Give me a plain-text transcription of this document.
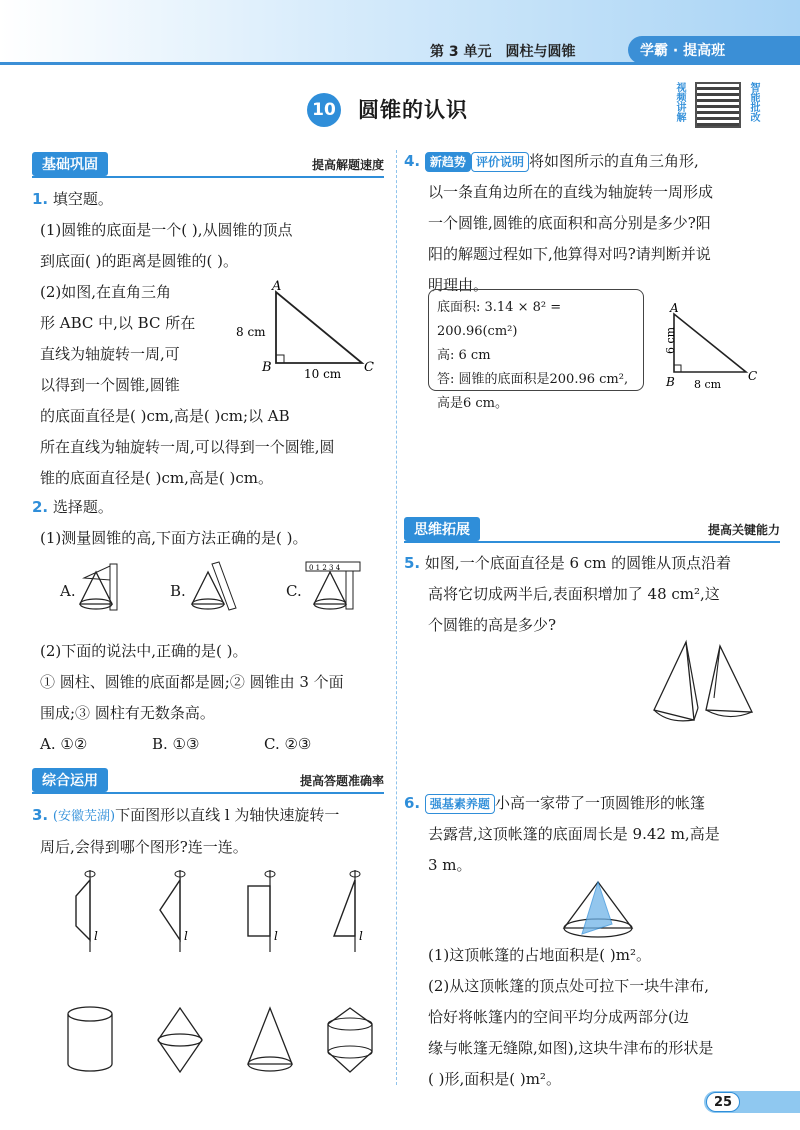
第 3 单元 圆柱与圆锥	学霸 · 提高班
10 圆锥的认识	视频讲解	智能批改
基础巩固	提高解题速度
1. 填空题。
(1)圆锥的底面是一个( ),从圆锥的顶点
到底面( )的距离是圆锥的( )。
(2)如图,在直角三角
形 ABC 中,以 BC 所在
直线为轴旋转一周,可
以得到一个圆锥,圆锥
的底面直径是( )cm,高是( )cm;以 AB
所在直线为轴旋转一周,可以得到一个圆锥,圆
锥的底面直径是( )cm,高是( )cm。
A
B	C
8 cm
10 cm
2. 选择题。
(1)测量圆锥的高,下面方法正确的是( )。
A.	B.	C.
0 1 2 3 4
(2)下面的说法中,正确的是( )。
① 圆柱、圆锥的底面都是圆;② 圆锥由 3 个面
围成;③ 圆柱有无数条高。
A. ①②	B. ①③	C. ②③
综合运用	提高答题准确率
3. (安徽芜湖)下面图形以直线 l 为轴快速旋转一
周后,会得到哪个图形?连一连。
l	l	l	l
4. 新趋势 评价说明 将如图所示的直角三角形,
以一条直角边所在的直线为轴旋转一周形成
一个圆锥,圆锥的底面积和高分别是多少?阳
阳的解题过程如下,他算得对吗?请判断并说
明理由。
底面积: 3.14 × 8² = 200.96(cm²)
高: 6 cm
答: 圆锥的底面积是200.96 cm²,
高是6 cm。
A
B	C
6 cm
8 cm
思维拓展	提高关键能力
5. 如图,一个底面直径是 6 cm 的圆锥从顶点沿着
高将它切成两半后,表面积增加了 48 cm²,这
个圆锥的高是多少?
6. 强基素养题 小高一家带了一顶圆锥形的帐篷
去露营,这顶帐篷的底面周长是 9.42 m,高是
3 m。
(1)这顶帐篷的占地面积是( )m²。
(2)从这顶帐篷的顶点处可拉下一块牛津布,
恰好将帐篷内的空间平均分成两部分(边
缘与帐篷无缝隙,如图),这块牛津布的形状是
( )形,面积是( )m²。
25
